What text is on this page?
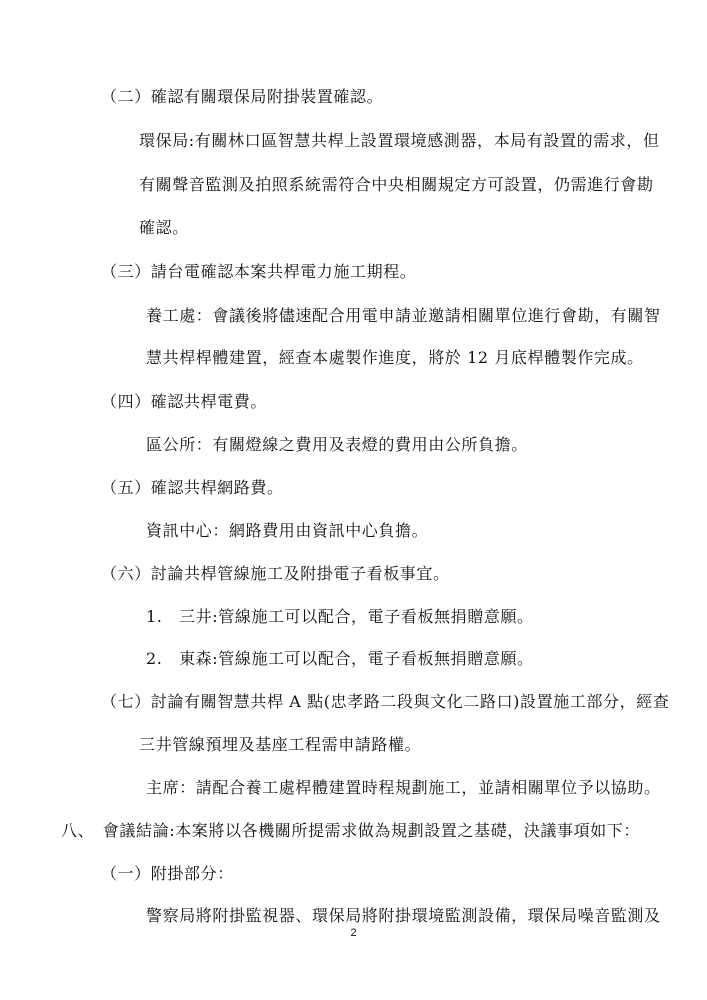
（二）確認有關環保局附掛裝置確認。
環保局:有關林口區智慧共桿上設置環境感測器，本局有設置的需求，但
有關聲音監測及拍照系統需符合中央相關規定方可設置，仍需進行會勘
確認。
（三）請台電確認本案共桿電力施工期程。
養工處：會議後將儘速配合用電申請並邀請相關單位進行會勘，有關智
慧共桿桿體建置，經查本處製作進度，將於 12 月底桿體製作完成。
（四）確認共桿電費。
區公所：有關燈線之費用及表燈的費用由公所負擔。
（五）確認共桿網路費。
資訊中心：網路費用由資訊中心負擔。
（六）討論共桿管線施工及附掛電子看板事宜。
1.　三井:管線施工可以配合，電子看板無捐贈意願。
2.　東森:管線施工可以配合，電子看板無捐贈意願。
（七）討論有關智慧共桿 A 點(忠孝路二段與文化二路口)設置施工部分，經查
三井管線預埋及基座工程需申請路權。
主席：請配合養工處桿體建置時程規劃施工，並請相關單位予以協助。
八、　會議結論:本案將以各機關所提需求做為規劃設置之基礎，決議事項如下：
（一）附掛部分：
警察局將附掛監視器、環保局將附掛環境監測設備，環保局噪音監測及
2
